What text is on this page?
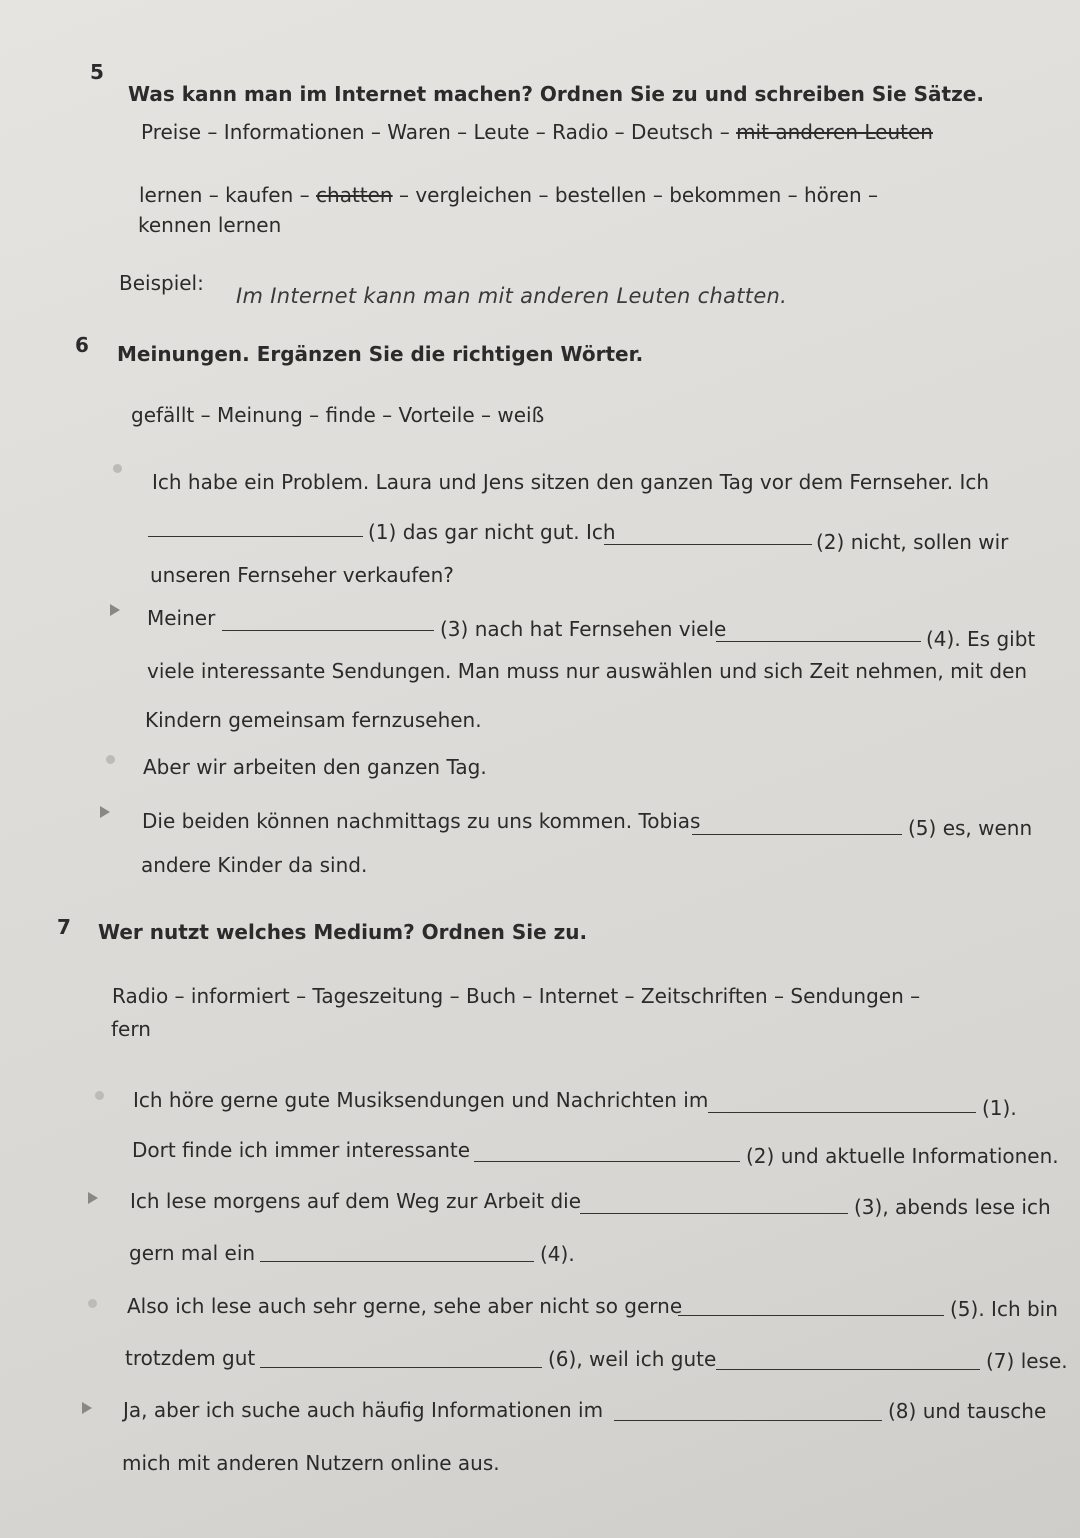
5
Was kann man im Internet machen? Ordnen Sie zu und schreiben Sie Sätze.
Preise – Informationen – Waren – Leute – Radio – Deutsch – mit anderen Leuten
lernen – kaufen – chatten – vergleichen – bestellen – bekommen – hören –
kennen lernen
Beispiel:
Im Internet kann man mit anderen Leuten chatten.
6 Meinungen. Ergänzen Sie die richtigen Wörter.
gefällt – Meinung – finde – Vorteile – weiß
Ich habe ein Problem. Laura und Jens sitzen den ganzen Tag vor dem Fernseher. Ich
(1) das gar nicht gut. Ich	(2) nicht, sollen wir
unseren Fernseher verkaufen?
Meiner	(3) nach hat Fernsehen viele	(4). Es gibt
viele interessante Sendungen. Man muss nur auswählen und sich Zeit nehmen, mit den
Kindern gemeinsam fernzusehen.
Aber wir arbeiten den ganzen Tag.
Die beiden können nachmittags zu uns kommen. Tobias	(5) es, wenn
andere Kinder da sind.
7 Wer nutzt welches Medium? Ordnen Sie zu.
Radio – informiert – Tageszeitung – Buch – Internet – Zeitschriften – Sendungen –
fern
Ich höre gerne gute Musiksendungen und Nachrichten im	(1).
Dort finde ich immer interessante	(2) und aktuelle Informationen.
Ich lese morgens auf dem Weg zur Arbeit die	(3), abends lese ich
gern mal ein	(4).
Also ich lese auch sehr gerne, sehe aber nicht so gerne	(5). Ich bin
trotzdem gut	(6), weil ich gute	(7) lese.
Ja, aber ich suche auch häufig Informationen im	(8) und tausche
mich mit anderen Nutzern online aus.
